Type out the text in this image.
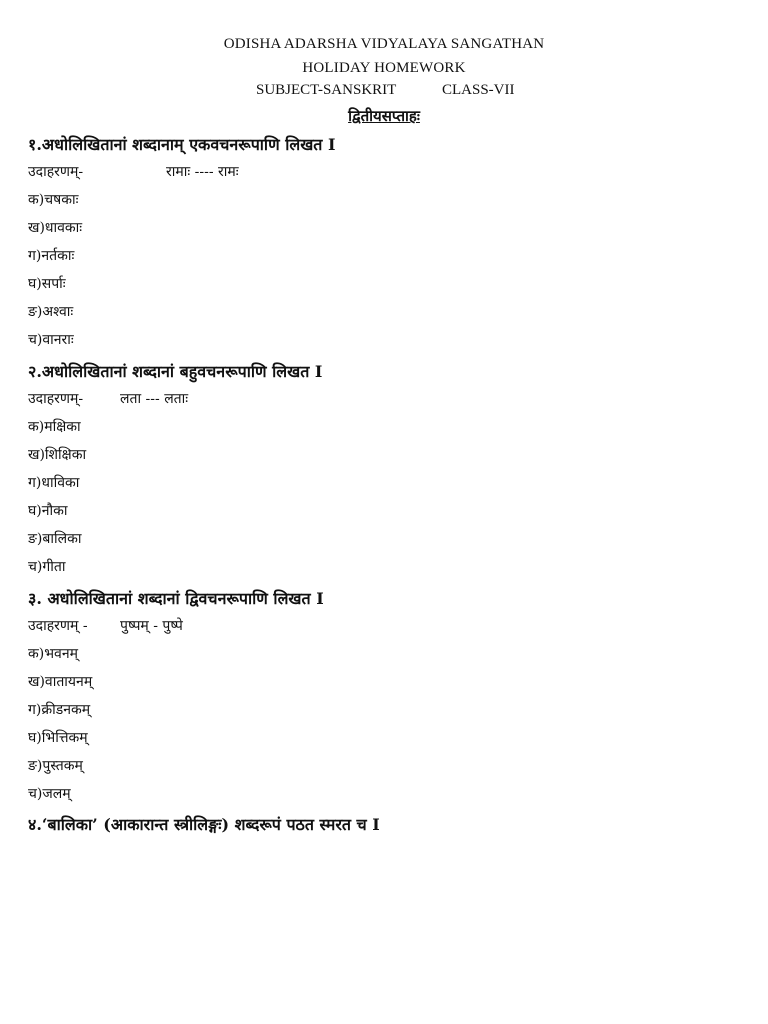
ODISHA ADARSHA VIDYALAYA SANGATHAN
HOLIDAY HOMEWORK
SUBJECT-SANSKRIT	CLASS-VII
द्वितीयसप्ताहः
१.अधोलिखितानां शब्दानाम् एकवचनरूपाणि लिखत I
उदाहरणम्-	रामाः ---- रामः
क)चषकाः
ख)धावकाः
ग)नर्तकाः
घ)सर्पाः
ङ)अश्वाः
च)वानराः
२.अधोलिखितानां शब्दानां बहुवचनरूपाणि लिखत I
उदाहरणम्-	लता --- लताः
क)मक्षिका
ख)शिक्षिका
ग)धाविका
घ)नौका
ङ)बालिका
च)गीता
३. अधोलिखितानां शब्दानां द्विवचनरूपाणि लिखत I
उदाहरणम् - पुष्पम् - पुष्पे
क)भवनम्
ख)वातायनम्
ग)क्रीडनकम्
घ)भित्तिकम्
ङ)पुस्तकम्
च)जलम्
४.‘बालिका’ (आकारान्त स्त्रीलिङ्गः) शब्दरूपं पठत स्मरत च I
